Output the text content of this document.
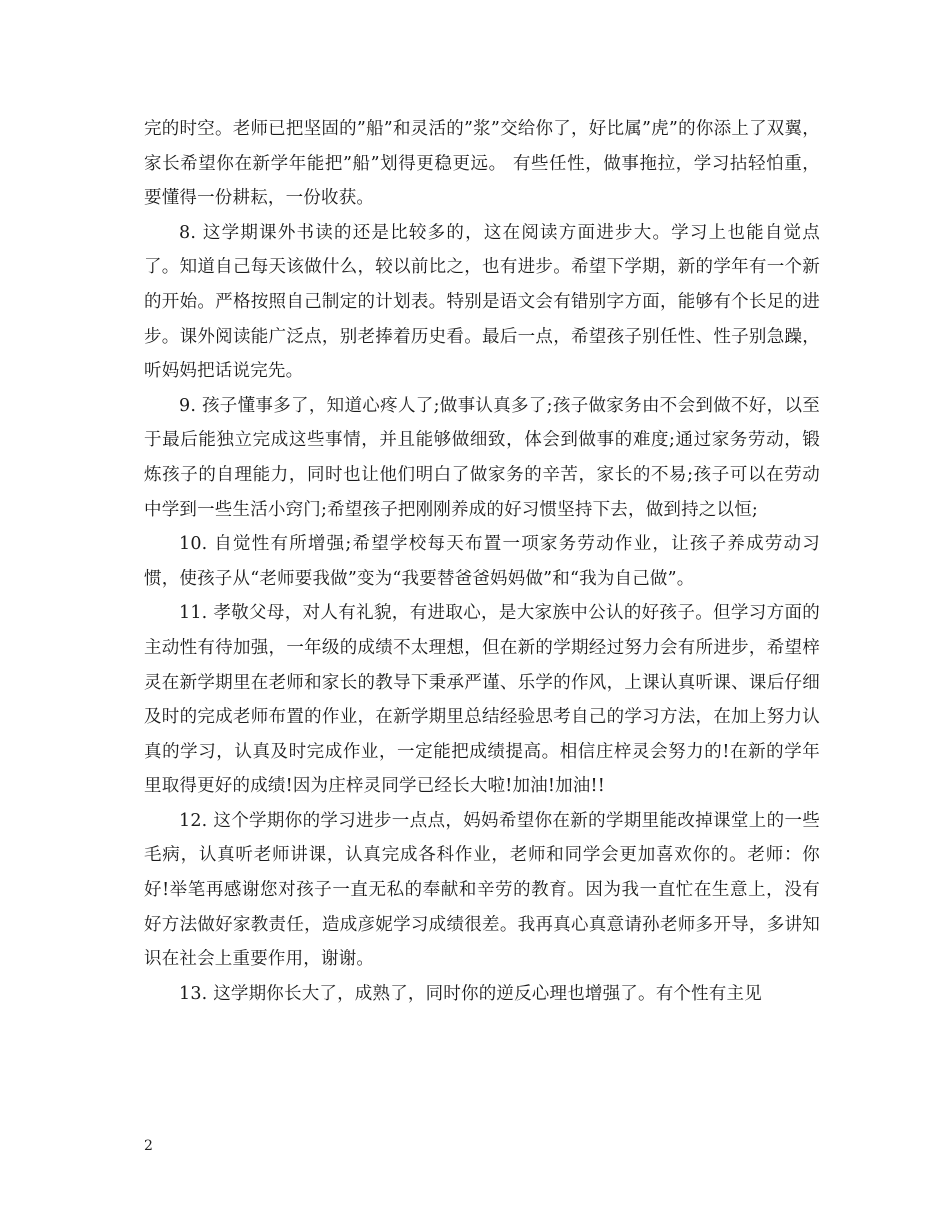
完的时空。老师已把坚固的”船”和灵活的”浆”交给你了，好比属”虎”的你添上了双翼，家长希望你在新学年能把”船”划得更稳更远。 有些任性，做事拖拉，学习拈轻怕重，要懂得一份耕耘，一份收获。

8. 这学期课外书读的还是比较多的，这在阅读方面进步大。学习上也能自觉点了。知道自己每天该做什么，较以前比之，也有进步。希望下学期，新的学年有一个新的开始。严格按照自己制定的计划表。特别是语文会有错别字方面，能够有个长足的进步。课外阅读能广泛点，别老捧着历史看。最后一点，希望孩子别任性、性子别急躁，听妈妈把话说完先。

9. 孩子懂事多了，知道心疼人了;做事认真多了;孩子做家务由不会到做不好，以至于最后能独立完成这些事情，并且能够做细致，体会到做事的难度;通过家务劳动，锻炼孩子的自理能力，同时也让他们明白了做家务的辛苦，家长的不易;孩子可以在劳动中学到一些生活小窍门;希望孩子把刚刚养成的好习惯坚持下去，做到持之以恒;

10. 自觉性有所增强;希望学校每天布置一项家务劳动作业，让孩子养成劳动习惯，使孩子从“老师要我做”变为“我要替爸爸妈妈做”和“我为自己做”。

11. 孝敬父母，对人有礼貌，有进取心，是大家族中公认的好孩子。但学习方面的主动性有待加强，一年级的成绩不太理想，但在新的学期经过努力会有所进步，希望梓灵在新学期里在老师和家长的教导下秉承严谨、乐学的作风，上课认真听课、课后仔细及时的完成老师布置的作业，在新学期里总结经验思考自己的学习方法，在加上努力认真的学习，认真及时完成作业，一定能把成绩提高。相信庄梓灵会努力的!在新的学年里取得更好的成绩!因为庄梓灵同学已经长大啦!加油!加油!!

12. 这个学期你的学习进步一点点，妈妈希望你在新的学期里能改掉课堂上的一些毛病，认真听老师讲课，认真完成各科作业，老师和同学会更加喜欢你的。老师：你好!举笔再感谢您对孩子一直无私的奉献和辛劳的教育。因为我一直忙在生意上，没有好方法做好家教责任，造成彦妮学习成绩很差。我再真心真意请孙老师多开导，多讲知识在社会上重要作用，谢谢。

13. 这学期你长大了，成熟了，同时你的逆反心理也增强了。有个性有主见

2
